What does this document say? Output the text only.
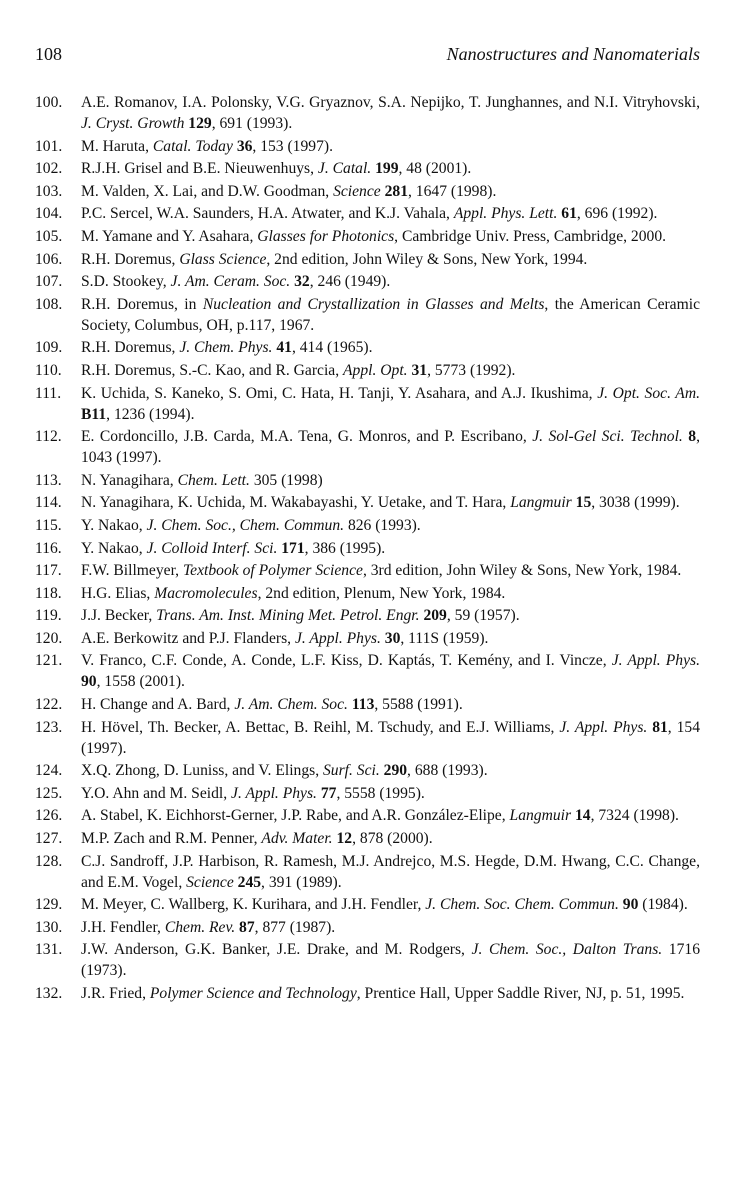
108	Nanostructures and Nanomaterials
100. A.E. Romanov, I.A. Polonsky, V.G. Gryaznov, S.A. Nepijko, T. Junghannes, and N.I. Vitryhovski, J. Cryst. Growth 129, 691 (1993).
101. M. Haruta, Catal. Today 36, 153 (1997).
102. R.J.H. Grisel and B.E. Nieuwenhuys, J. Catal. 199, 48 (2001).
103. M. Valden, X. Lai, and D.W. Goodman, Science 281, 1647 (1998).
104. P.C. Sercel, W.A. Saunders, H.A. Atwater, and K.J. Vahala, Appl. Phys. Lett. 61, 696 (1992).
105. M. Yamane and Y. Asahara, Glasses for Photonics, Cambridge Univ. Press, Cambridge, 2000.
106. R.H. Doremus, Glass Science, 2nd edition, John Wiley & Sons, New York, 1994.
107. S.D. Stookey, J. Am. Ceram. Soc. 32, 246 (1949).
108. R.H. Doremus, in Nucleation and Crystallization in Glasses and Melts, the American Ceramic Society, Columbus, OH, p.117, 1967.
109. R.H. Doremus, J. Chem. Phys. 41, 414 (1965).
110. R.H. Doremus, S.-C. Kao, and R. Garcia, Appl. Opt. 31, 5773 (1992).
111. K. Uchida, S. Kaneko, S. Omi, C. Hata, H. Tanji, Y. Asahara, and A.J. Ikushima, J. Opt. Soc. Am. B11, 1236 (1994).
112. E. Cordoncillo, J.B. Carda, M.A. Tena, G. Monros, and P. Escribano, J. Sol-Gel Sci. Technol. 8, 1043 (1997).
113. N. Yanagihara, Chem. Lett. 305 (1998)
114. N. Yanagihara, K. Uchida, M. Wakabayashi, Y. Uetake, and T. Hara, Langmuir 15, 3038 (1999).
115. Y. Nakao, J. Chem. Soc., Chem. Commun. 826 (1993).
116. Y. Nakao, J. Colloid Interf. Sci. 171, 386 (1995).
117. F.W. Billmeyer, Textbook of Polymer Science, 3rd edition, John Wiley & Sons, New York, 1984.
118. H.G. Elias, Macromolecules, 2nd edition, Plenum, New York, 1984.
119. J.J. Becker, Trans. Am. Inst. Mining Met. Petrol. Engr. 209, 59 (1957).
120. A.E. Berkowitz and P.J. Flanders, J. Appl. Phys. 30, 111S (1959).
121. V. Franco, C.F. Conde, A. Conde, L.F. Kiss, D. Kaptás, T. Kemény, and I. Vincze, J. Appl. Phys. 90, 1558 (2001).
122. H. Change and A. Bard, J. Am. Chem. Soc. 113, 5588 (1991).
123. H. Hövel, Th. Becker, A. Bettac, B. Reihl, M. Tschudy, and E.J. Williams, J. Appl. Phys. 81, 154 (1997).
124. X.Q. Zhong, D. Luniss, and V. Elings, Surf. Sci. 290, 688 (1993).
125. Y.O. Ahn and M. Seidl, J. Appl. Phys. 77, 5558 (1995).
126. A. Stabel, K. Eichhorst-Gerner, J.P. Rabe, and A.R. González-Elipe, Langmuir 14, 7324 (1998).
127. M.P. Zach and R.M. Penner, Adv. Mater. 12, 878 (2000).
128. C.J. Sandroff, J.P. Harbison, R. Ramesh, M.J. Andrejco, M.S. Hegde, D.M. Hwang, C.C. Change, and E.M. Vogel, Science 245, 391 (1989).
129. M. Meyer, C. Wallberg, K. Kurihara, and J.H. Fendler, J. Chem. Soc. Chem. Commun. 90 (1984).
130. J.H. Fendler, Chem. Rev. 87, 877 (1987).
131. J.W. Anderson, G.K. Banker, J.E. Drake, and M. Rodgers, J. Chem. Soc., Dalton Trans. 1716 (1973).
132. J.R. Fried, Polymer Science and Technology, Prentice Hall, Upper Saddle River, NJ, p. 51, 1995.
